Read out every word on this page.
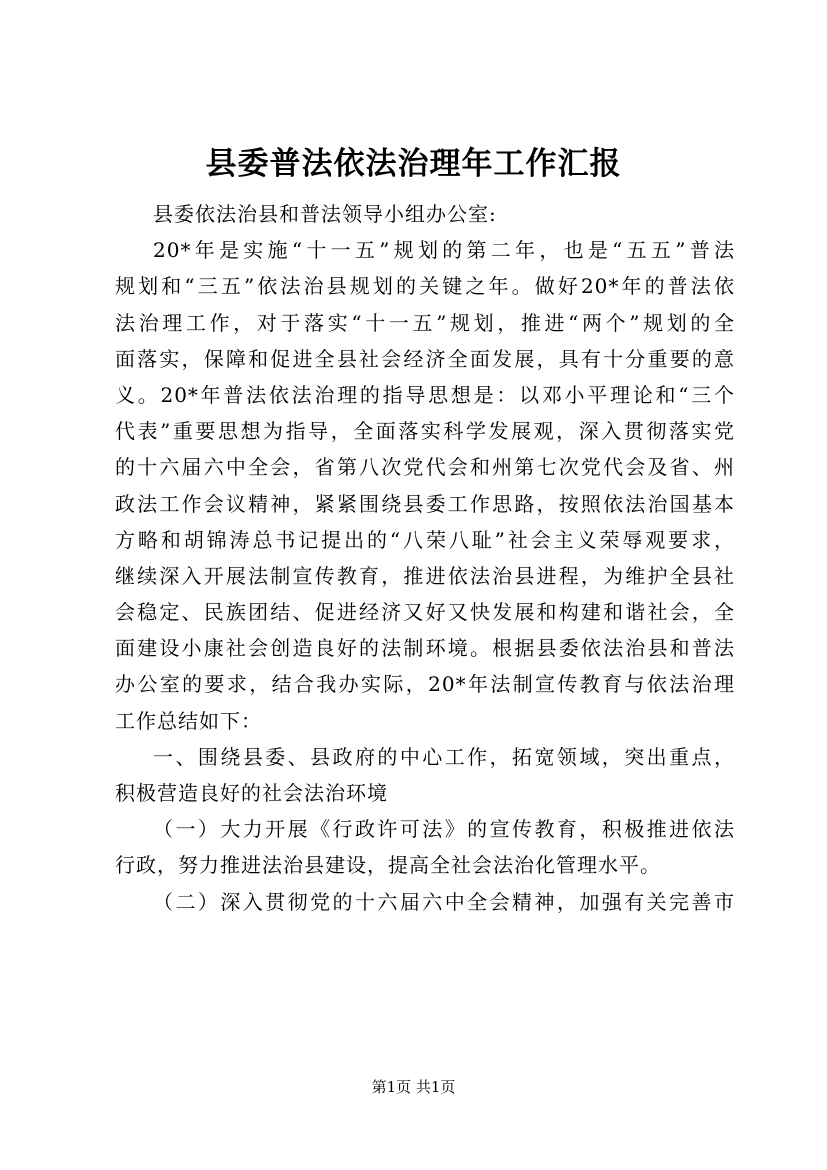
县委普法依法治理年工作汇报
县委依法治县和普法领导小组办公室:
20*年是实施“十一五”规划的第二年，也是“五五”普法
规划和“三五”依法治县规划的关键之年。做好20*年的普法依
法治理工作，对于落实“十一五”规划，推进“两个”规划的全
面落实，保障和促进全县社会经济全面发展，具有十分重要的意
义。20*年普法依法治理的指导思想是：以邓小平理论和“三个
代表”重要思想为指导，全面落实科学发展观，深入贯彻落实党
的十六届六中全会，省第八次党代会和州第七次党代会及省、州
政法工作会议精神，紧紧围绕县委工作思路，按照依法治国基本
方略和胡锦涛总书记提出的“八荣八耻”社会主义荣辱观要求，
继续深入开展法制宣传教育，推进依法治县进程，为维护全县社
会稳定、民族团结、促进经济又好又快发展和构建和谐社会，全
面建设小康社会创造良好的法制环境。根据县委依法治县和普法
办公室的要求，结合我办实际，20*年法制宣传教育与依法治理
工作总结如下：
一、围绕县委、县政府的中心工作，拓宽领域，突出重点，
积极营造良好的社会法治环境
（一）大力开展《行政许可法》的宣传教育，积极推进依法
行政，努力推进法治县建设，提高全社会法治化管理水平。
（二）深入贯彻党的十六届六中全会精神，加强有关完善市
第1页 共1页
